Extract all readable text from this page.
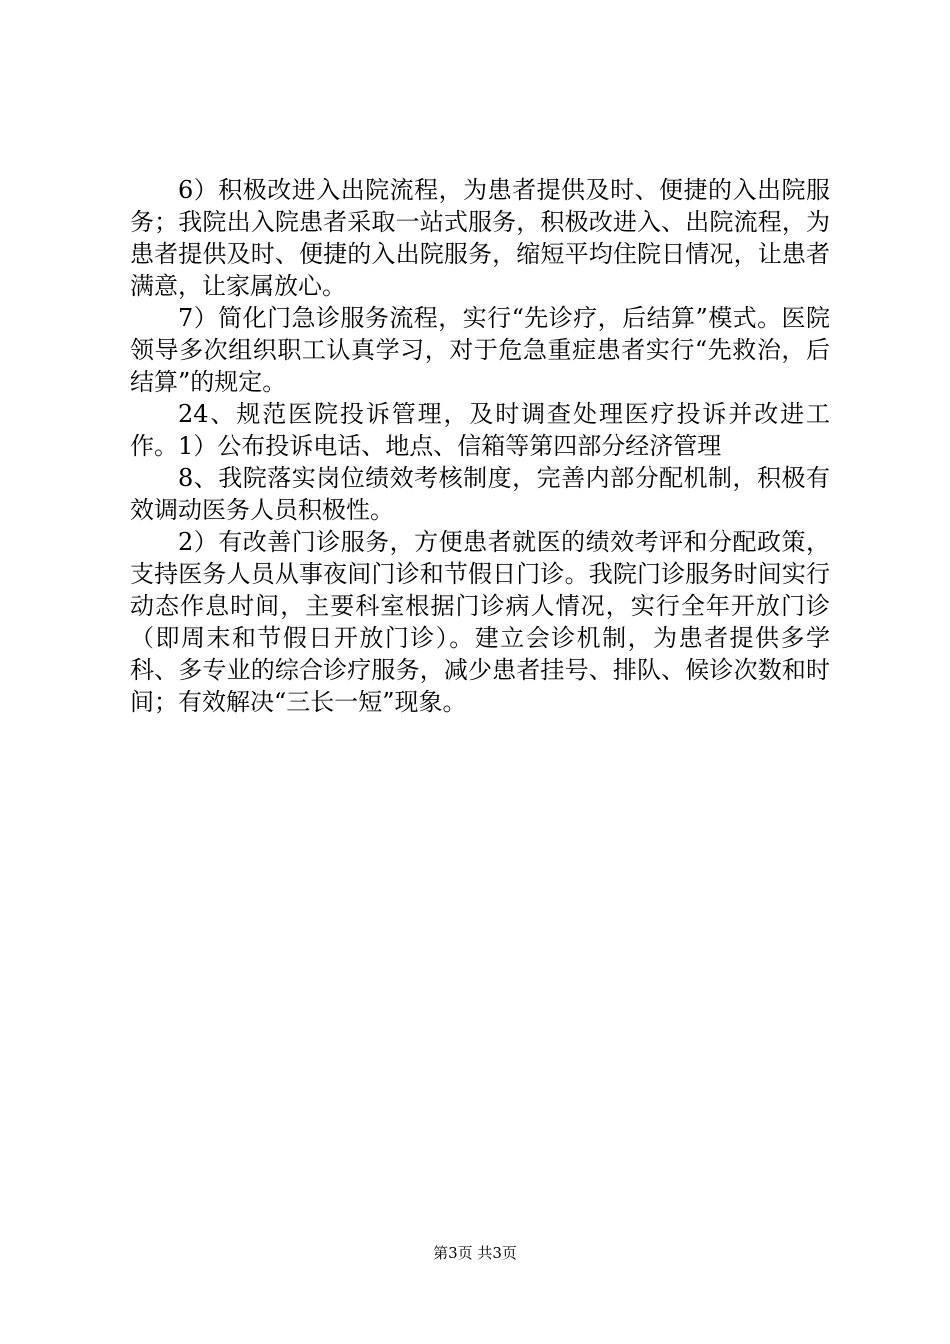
6）积极改进入出院流程，为患者提供及时、便捷的入出院服务；我院出入院患者采取一站式服务，积极改进入、出院流程，为患者提供及时、便捷的入出院服务，缩短平均住院日情况，让患者满意，让家属放心。

7）简化门急诊服务流程，实行“先诊疗，后结算”模式。医院领导多次组织职工认真学习，对于危急重症患者实行“先救治，后结算”的规定。

24、规范医院投诉管理，及时调查处理医疗投诉并改进工作。1）公布投诉电话、地点、信箱等第四部分经济管理

8、我院落实岗位绩效考核制度，完善内部分配机制，积极有效调动医务人员积极性。

2）有改善门诊服务，方便患者就医的绩效考评和分配政策，支持医务人员从事夜间门诊和节假日门诊。我院门诊服务时间实行动态作息时间，主要科室根据门诊病人情况，实行全年开放门诊（即周末和节假日开放门诊）。建立会诊机制，为患者提供多学科、多专业的综合诊疗服务，减少患者挂号、排队、候诊次数和时间；有效解决“三长一短”现象。

第3页 共3页
